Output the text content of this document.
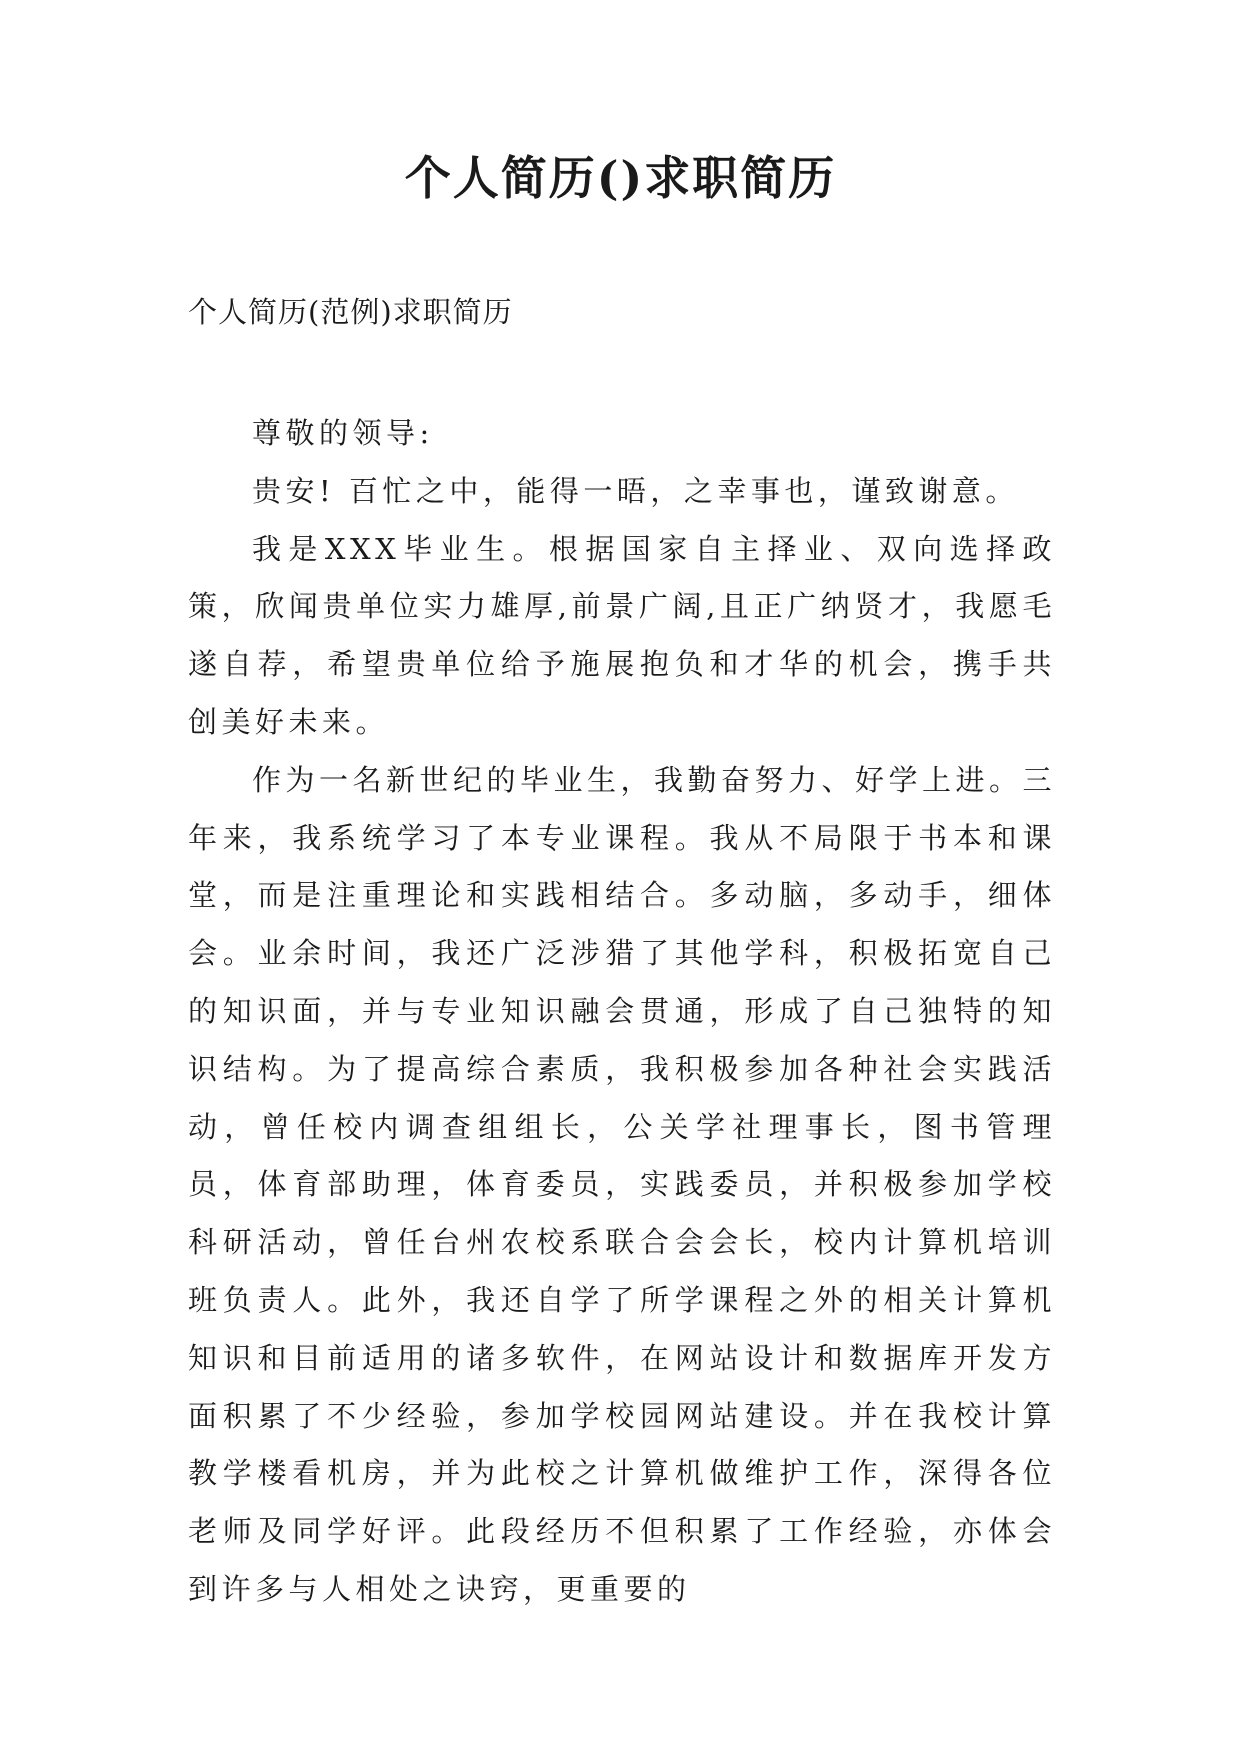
个人简历()求职简历
个人简历(范例)求职简历

尊敬的领导:

贵安! 百忙之中，能得一晤，之幸事也，谨致谢意。

我是XXX毕业生。根据国家自主择业、双向选择政策，欣闻贵单位实力雄厚,前景广阔,且正广纳贤才，我愿毛遂自荐，希望贵单位给予施展抱负和才华的机会，携手共创美好未来。

作为一名新世纪的毕业生，我勤奋努力、好学上进。三年来，我系统学习了本专业课程。我从不局限于书本和课堂，而是注重理论和实践相结合。多动脑，多动手，细体会。业余时间，我还广泛涉猎了其他学科，积极拓宽自己的知识面，并与专业知识融会贯通，形成了自己独特的知识结构。为了提高综合素质，我积极参加各种社会实践活动，曾任校内调查组组长，公关学社理事长，图书管理员，体育部助理，体育委员，实践委员，并积极参加学校科研活动，曾任台州农校系联合会会长，校内计算机培训班负责人。此外，我还自学了所学课程之外的相关计算机知识和目前适用的诸多软件，在网站设计和数据库开发方面积累了不少经验，参加学校园网站建设。并在我校计算教学楼看机房，并为此校之计算机做维护工作，深得各位老师及同学好评。此段经历不但积累了工作经验，亦体会到许多与人相处之诀窍，更重要的
